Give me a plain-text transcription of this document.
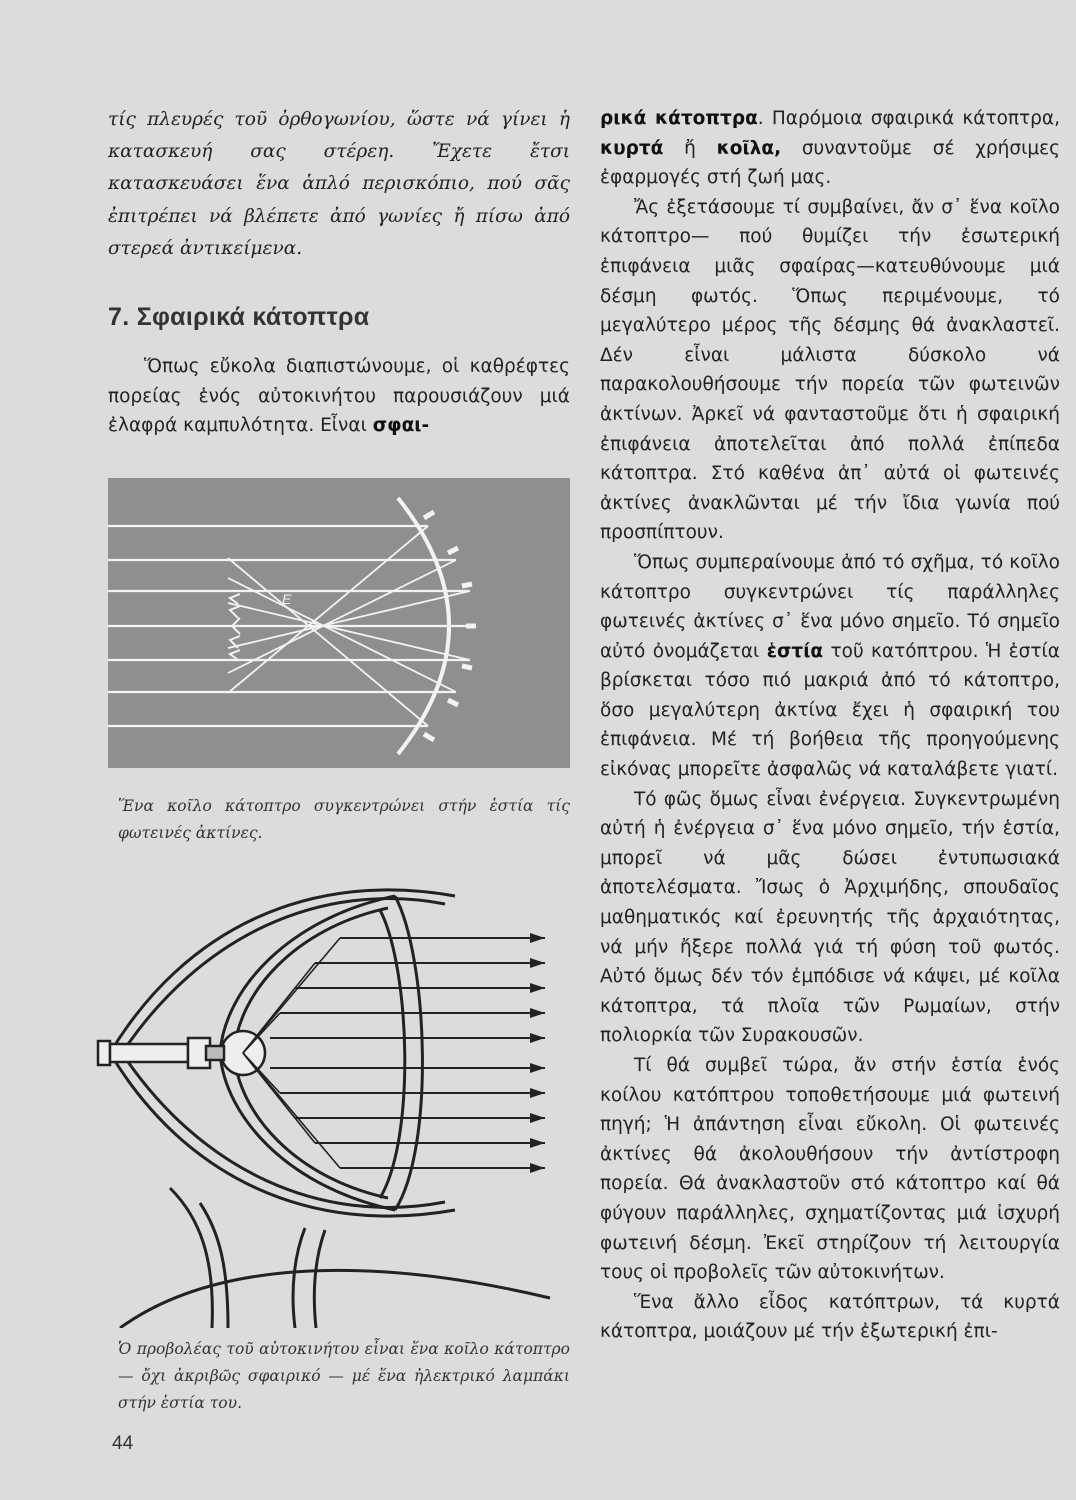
τίς πλευρές τοῦ ὀρθογωνίου, ὥστε νά γίνει ἡ κατασκευή σας στέρεη. Ἔχετε ἔτσι κατασκευάσει ἕνα ἁπλό περισκόπιο, πού σᾶς ἐπιτρέπει νά βλέπετε ἀπό γωνίες ἤ πίσω ἀπό στερεά ἀντικείμενα.

7. Σφαιρικά κάτοπτρα

Ὅπως εὔκολα διαπιστώνουμε, οἱ καθρέφτες πορείας ἑνός αὐτοκινήτου παρουσιάζουν μιά ἐλαφρά καμπυλότητα. Εἶναι σφαι-

E
Ἕνα κοῖλο κάτοπτρο συγκεντρώνει στήν ἑστία τίς φωτεινές ἀκτίνες.
Ὁ προβολέας τοῦ αὐτοκινήτου εἶναι ἕνα κοῖλο κάτοπτρο — ὄχι ἀκριβῶς σφαιρικό — μέ ἕνα ἠλεκτρικό λαμπάκι στήν ἑστία του.

ρικά κάτοπτρα. Παρόμοια σφαιρικά κάτοπτρα, κυρτά ἤ κοῖλα, συναντοῦμε σέ χρήσιμες ἐφαρμογές στή ζωή μας.

Ἄς ἐξετάσουμε τί συμβαίνει, ἄν σ᾽ ἕνα κοῖλο κάτοπτρο— πού θυμίζει τήν ἐσωτερική ἐπιφάνεια μιᾶς σφαίρας—κατευθύνουμε μιά δέσμη φωτός. Ὅπως περιμένουμε, τό μεγαλύτερο μέρος τῆς δέσμης θά ἀνακλαστεῖ. Δέν εἶναι μάλιστα δύσκολο νά παρακολουθήσουμε τήν πορεία τῶν φωτεινῶν ἀκτίνων. Ἀρκεῖ νά φανταστοῦμε ὅτι ἡ σφαιρική ἐπιφάνεια ἀποτελεῖται ἀπό πολλά ἐπίπεδα κάτοπτρα. Στό καθένα ἀπ᾽ αὐτά οἱ φωτεινές ἀκτίνες ἀνακλῶνται μέ τήν ἴδια γωνία πού προσπίπτουν.

Ὅπως συμπεραίνουμε ἀπό τό σχῆμα, τό κοῖλο κάτοπτρο συγκεντρώνει τίς παράλληλες φωτεινές ἀκτίνες σ᾽ ἕνα μόνο σημεῖο. Τό σημεῖο αὐτό ὀνομάζεται ἑστία τοῦ κατόπτρου. Ἡ ἑστία βρίσκεται τόσο πιό μακριά ἀπό τό κάτοπτρο, ὅσο μεγαλύτερη ἀκτίνα ἔχει ἡ σφαιρική του ἐπιφάνεια. Μέ τή βοήθεια τῆς προηγούμενης εἰκόνας μπορεῖτε ἀσφαλῶς νά καταλάβετε γιατί.

Τό φῶς ὅμως εἶναι ἐνέργεια. Συγκεντρωμένη αὐτή ἡ ἐνέργεια σ᾽ ἕνα μόνο σημεῖο, τήν ἑστία, μπορεῖ νά μᾶς δώσει ἐντυπωσιακά ἀποτελέσματα. Ἴσως ὁ Ἀρχιμήδης, σπουδαῖος μαθηματικός καί ἐρευνητής τῆς ἀρχαιότητας, νά μήν ἤξερε πολλά γιά τή φύση τοῦ φωτός. Αὐτό ὅμως δέν τόν ἐμπόδισε νά κάψει, μέ κοῖλα κάτοπτρα, τά πλοῖα τῶν Ρωμαίων, στήν πολιορκία τῶν Συρακουσῶν.

Τί θά συμβεῖ τώρα, ἄν στήν ἑστία ἑνός κοίλου κατόπτρου τοποθετήσουμε μιά φωτεινή πηγή; Ἡ ἀπάντηση εἶναι εὔκολη. Οἱ φωτεινές ἀκτίνες θά ἀκολουθήσουν τήν ἀντίστροφη πορεία. Θά ἀνακλαστοῦν στό κάτοπτρο καί θά φύγουν παράλληλες, σχηματίζοντας μιά ἰσχυρή φωτεινή δέσμη. Ἐκεῖ στηρίζουν τή λειτουργία τους οἱ προβολεῖς τῶν αὐτοκινήτων.

Ἕνα ἄλλο εἶδος κατόπτρων, τά κυρτά κάτοπτρα, μοιάζουν μέ τήν ἐξωτερική ἐπι-

44
